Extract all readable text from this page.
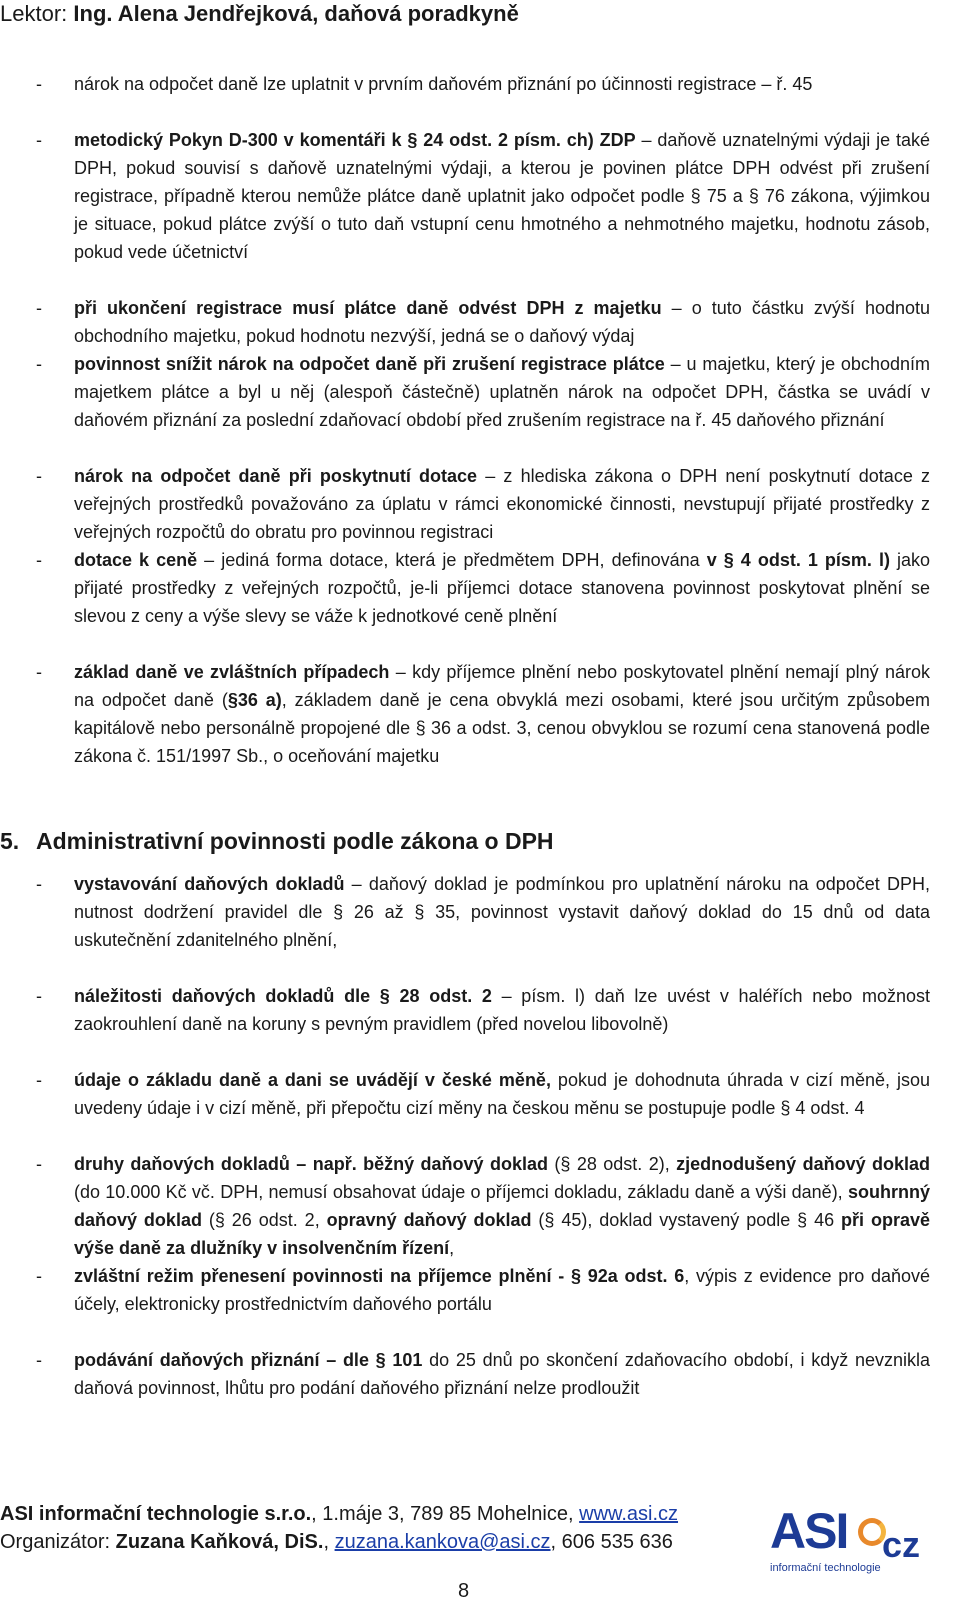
Lektor: Ing. Alena Jendřejková, daňová poradkyně

- nárok na odpočet daně lze uplatnit v prvním daňovém přiznání po účinnosti registrace – ř. 45

- metodický Pokyn D-300 v komentáři k § 24 odst. 2 písm. ch) ZDP – daňově uznatelnými výdaji je také DPH, pokud souvisí s daňově uznatelnými výdaji, a kterou je povinen plátce DPH odvést při zrušení registrace, případně kterou nemůže plátce daně uplatnit jako odpočet podle § 75 a § 76 zákona, výjimkou je situace, pokud plátce zvýší o tuto daň vstupní cenu hmotného a nehmotného majetku, hodnotu zásob, pokud vede účetnictví

- při ukončení registrace musí plátce daně odvést DPH z majetku – o tuto částku zvýší hodnotu obchodního majetku, pokud hodnotu nezvýší, jedná se o daňový výdaj

- povinnost snížit nárok na odpočet daně při zrušení registrace plátce – u majetku, který je obchodním majetkem plátce a byl u něj (alespoň částečně) uplatněn nárok na odpočet DPH, částka se uvádí v daňovém přiznání za poslední zdaňovací období před zrušením registrace na ř. 45 daňového přiznání

- nárok na odpočet daně při poskytnutí dotace – z hlediska zákona o DPH není poskytnutí dotace z veřejných prostředků považováno za úplatu v rámci ekonomické činnosti, nevstupují přijaté prostředky z veřejných rozpočtů do obratu pro povinnou registraci

- dotace k ceně – jediná forma dotace, která je předmětem DPH, definována v § 4 odst. 1 písm. l) jako přijaté prostředky z veřejných rozpočtů, je-li příjemci dotace stanovena povinnost poskytovat plnění se slevou z ceny a výše slevy se váže k jednotkové ceně plnění

- základ daně ve zvláštních případech – kdy příjemce plnění nebo poskytovatel plnění nemají plný nárok na odpočet daně (§36 a), základem daně je cena obvyklá mezi osobami, které jsou určitým způsobem kapitálově nebo personálně propojené dle § 36 a odst. 3, cenou obvyklou se rozumí cena stanovená podle zákona č. 151/1997 Sb., o oceňování majetku

5. Administrativní povinnosti podle zákona o DPH

- vystavování daňových dokladů – daňový doklad je podmínkou pro uplatnění nároku na odpočet DPH, nutnost dodržení pravidel dle § 26 až § 35, povinnost vystavit daňový doklad do 15 dnů od data uskutečnění zdanitelného plnění,

- náležitosti daňových dokladů dle § 28 odst. 2 – písm. l) daň lze uvést v haléřích nebo možnost zaokrouhlení daně na koruny s pevným pravidlem (před novelou libovolně)

- údaje o základu daně a dani se uvádějí v české měně, pokud je dohodnuta úhrada v cizí měně, jsou uvedeny údaje i v cizí měně, při přepočtu cizí měny na českou měnu se postupuje podle § 4 odst. 4

- druhy daňových dokladů – např. běžný daňový doklad (§ 28 odst. 2), zjednodušený daňový doklad (do 10.000 Kč vč. DPH, nemusí obsahovat údaje o příjemci dokladu, základu daně a výši daně), souhrnný daňový doklad (§ 26 odst. 2, opravný daňový doklad (§ 45), doklad vystavený podle § 46 při opravě výše daně za dlužníky v insolvenčním řízení,

- zvláštní režim přenesení povinnosti na příjemce plnění - § 92a odst. 6, výpis z evidence pro daňové účely, elektronicky prostřednictvím daňového portálu

- podávání daňových přiznání – dle § 101 do 25 dnů po skončení zdaňovacího období, i když nevznikla daňová povinnost, lhůtu pro podání daňového přiznání nelze prodloužit

ASI informační technologie s.r.o., 1.máje 3, 789 85 Mohelnice, www.asi.cz
Organizátor: Zuzana Kaňková, DiS., zuzana.kankova@asi.cz, 606 535 636
8
ASI cz
informační technologie
